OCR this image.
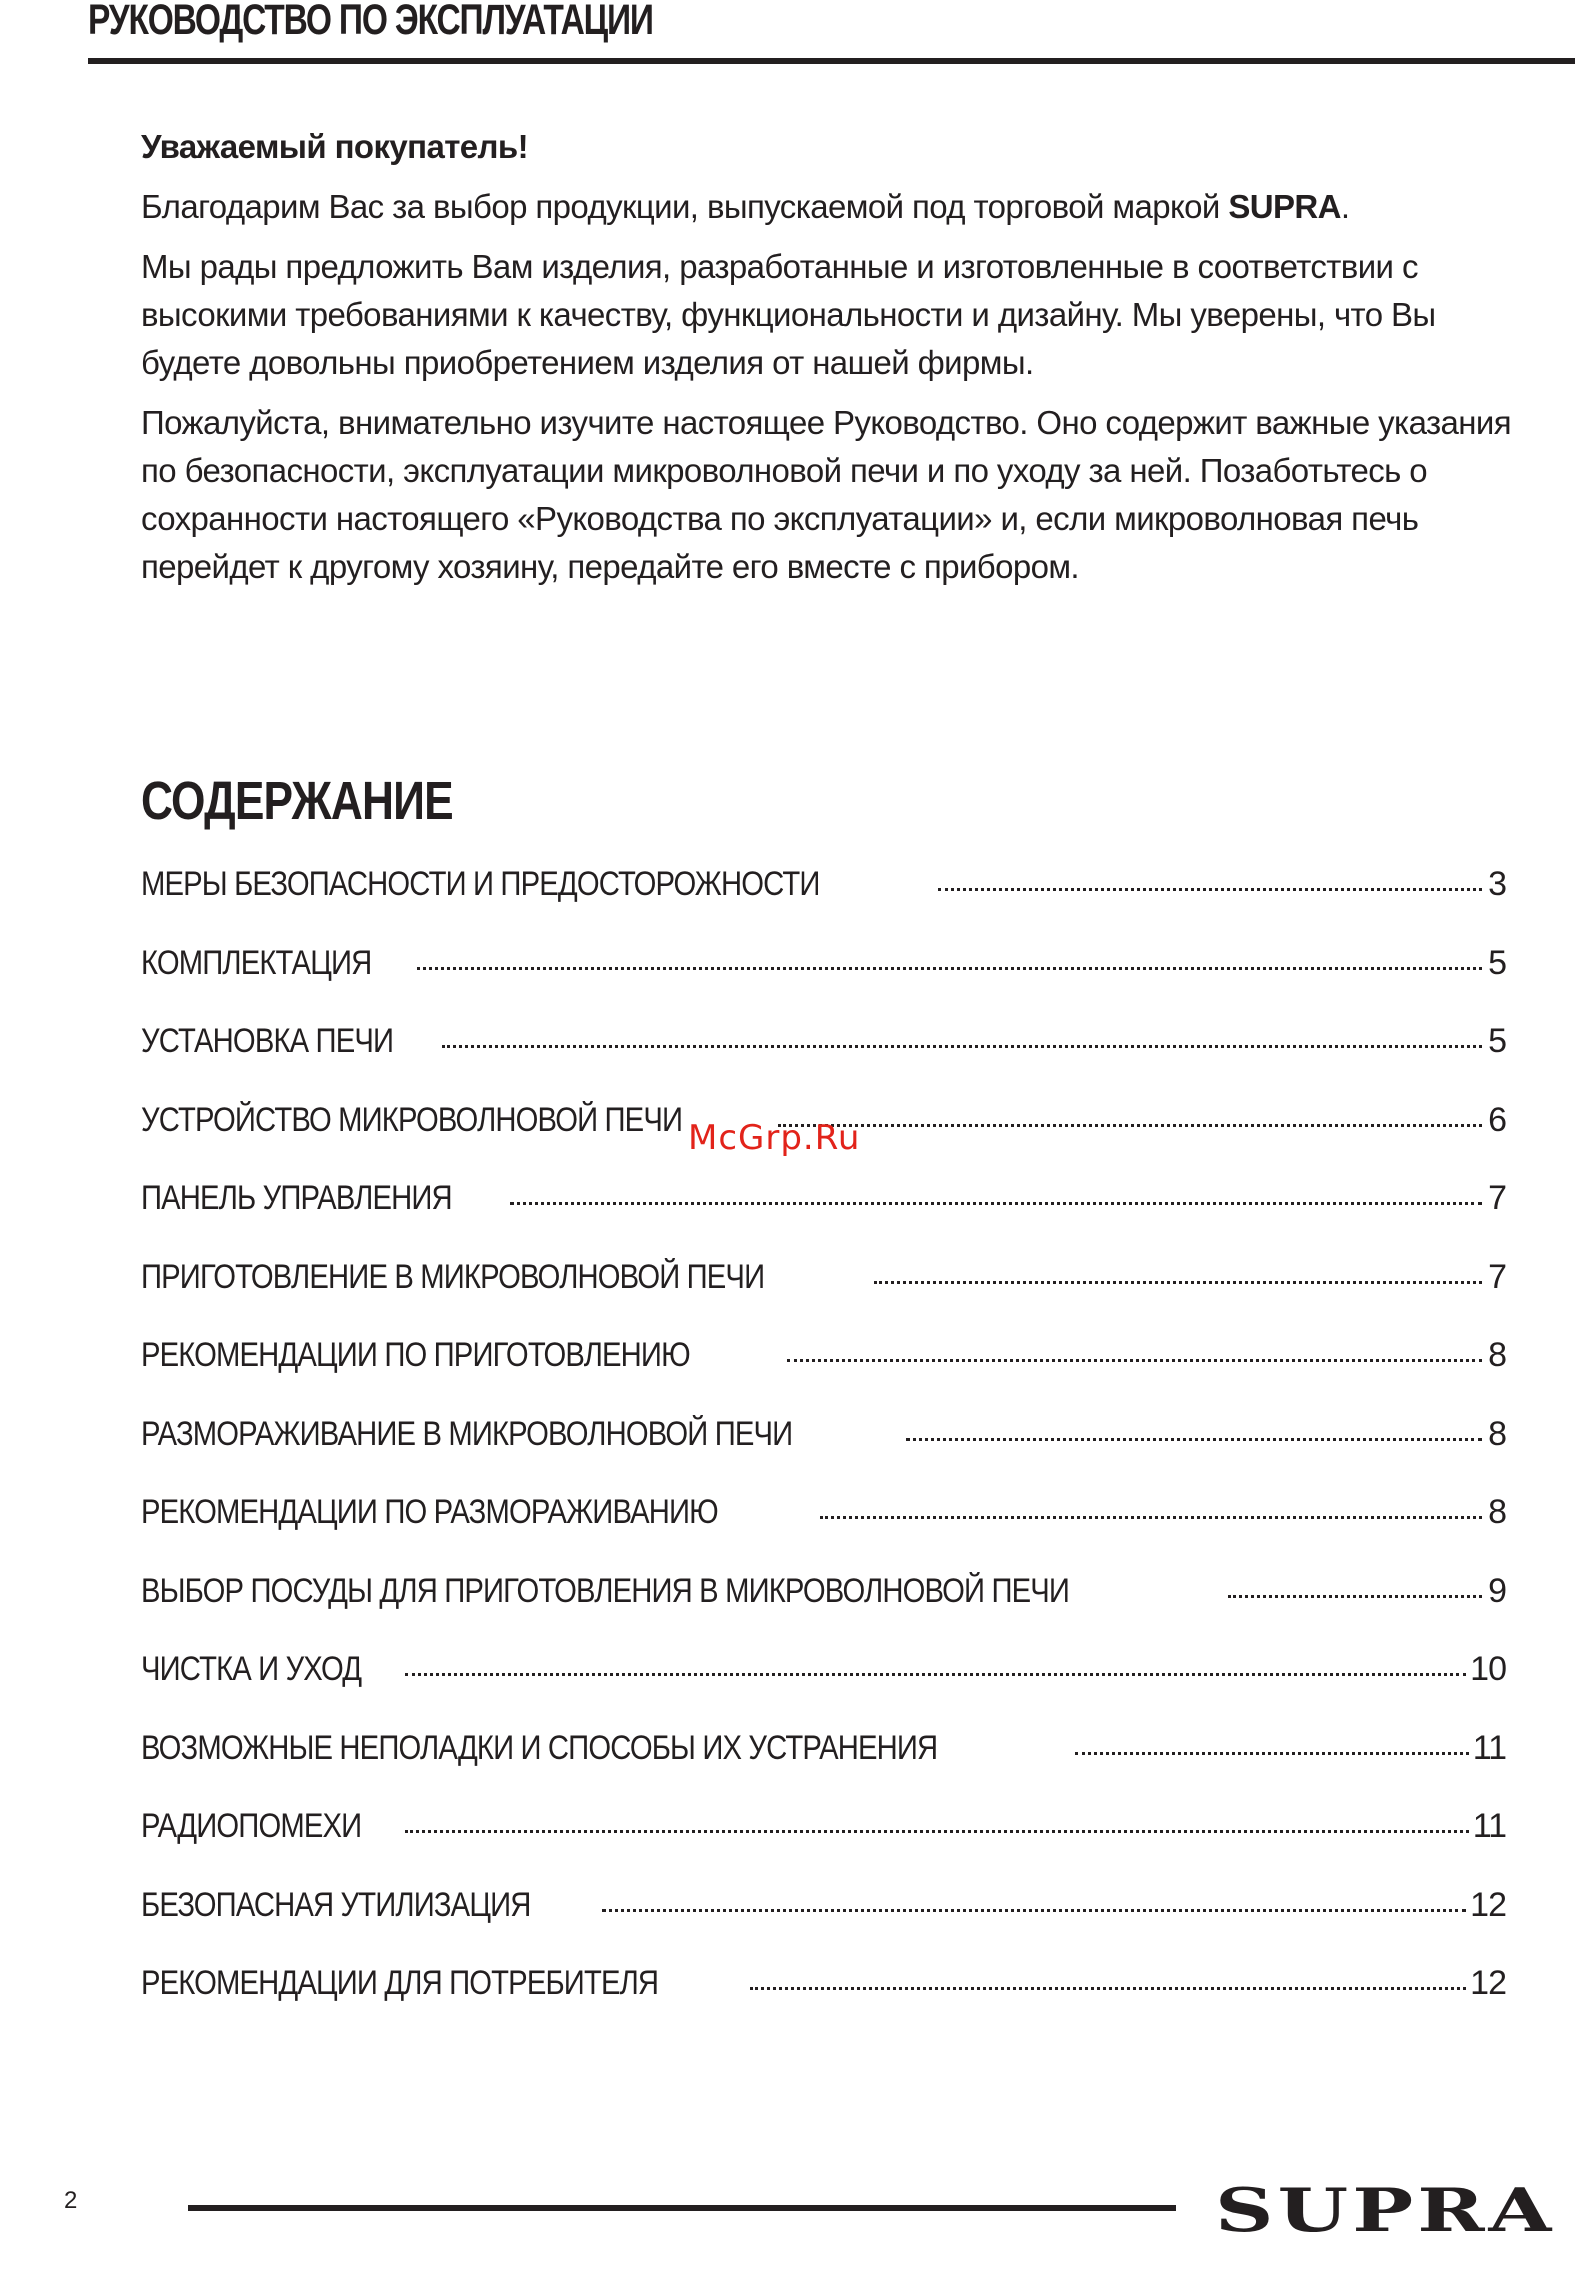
РУКОВОДСТВО ПО ЭКСПЛУАТАЦИИ

Уважаемый покупатель!

Благодарим Вас за выбор продукции, выпускаемой под торговой маркой SUPRA.

Мы рады предложить Вам изделия, разработанные и изготовленные в соответствии с высокими требованиями к качеству, функциональности и дизайну. Мы уверены, что Вы будете довольны приобретением изделия от нашей фирмы.

Пожалуйста, внимательно изучите настоящее Руководство. Оно содержит важные указания по безопасности, эксплуатации микроволновой печи и по уходу за ней. Позаботьтесь о сохранности настоящего «Руководства по эксплуатации» и, если микроволновая печь перейдет к другому хозяину, передайте его вместе с прибором.

СОДЕРЖАНИЕ
МЕРЫ БЕЗОПАСНОСТИ И ПРЕДОСТОРОЖНОСТИ	3
КОМПЛЕКТАЦИЯ	5
УСТАНОВКА ПЕЧИ	5
УСТРОЙСТВО МИКРОВОЛНОВОЙ ПЕЧИ	6
ПАНЕЛЬ УПРАВЛЕНИЯ	7
ПРИГОТОВЛЕНИЕ В МИКРОВОЛНОВОЙ ПЕЧИ	7
РЕКОМЕНДАЦИИ ПО ПРИГОТОВЛЕНИЮ	8
РАЗМОРАЖИВАНИЕ В МИКРОВОЛНОВОЙ ПЕЧИ	8
РЕКОМЕНДАЦИИ ПО РАЗМОРАЖИВАНИЮ	8
ВЫБОР ПОСУДЫ ДЛЯ ПРИГОТОВЛЕНИЯ В МИКРОВОЛНОВОЙ ПЕЧИ	9
ЧИСТКА И УХОД	10
ВОЗМОЖНЫЕ НЕПОЛАДКИ И СПОСОБЫ ИХ УСТРАНЕНИЯ	11
РАДИОПОМЕХИ	11
БЕЗОПАСНАЯ УТИЛИЗАЦИЯ	12
РЕКОМЕНДАЦИИ ДЛЯ ПОТРЕБИТЕЛЯ	12
McGrp.Ru
2	SUPRA
